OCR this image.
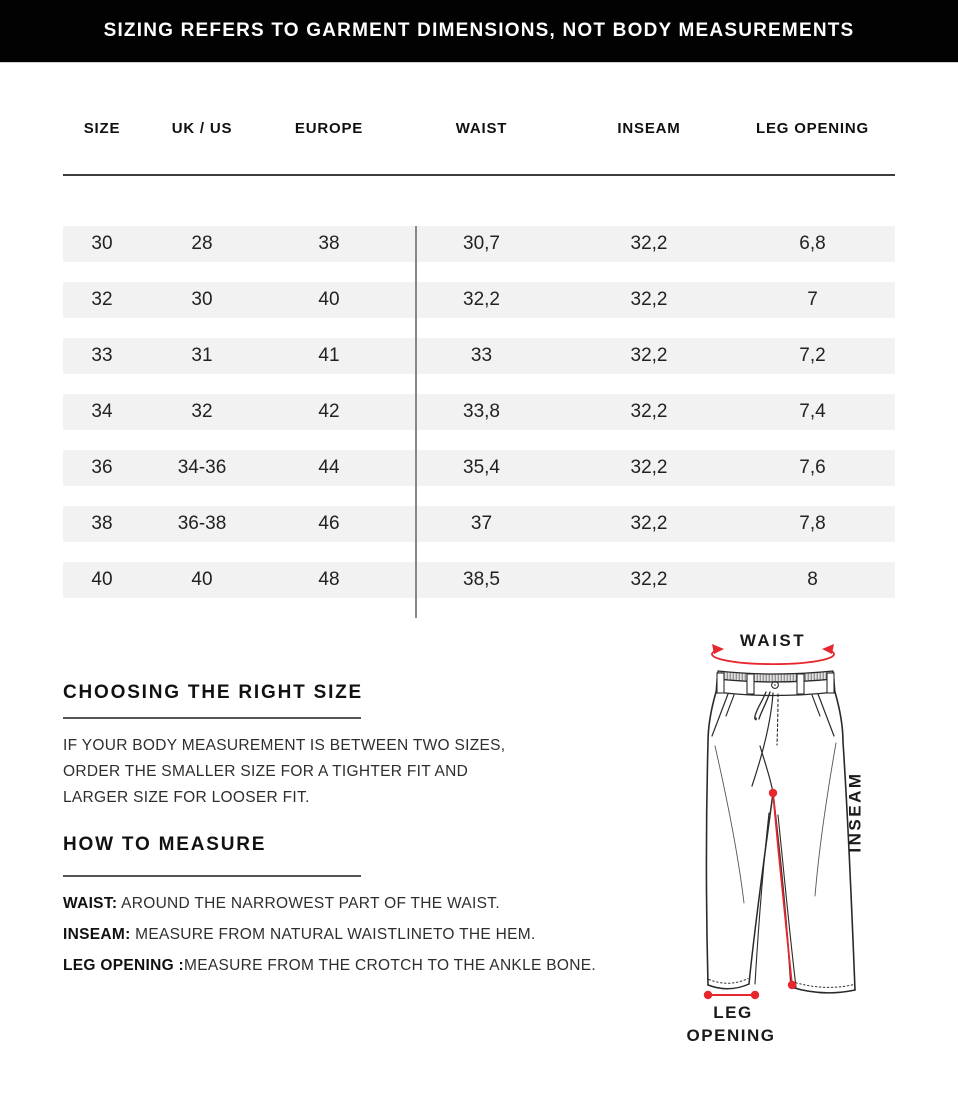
SIZING REFERS TO GARMENT DIMENSIONS, NOT BODY MEASUREMENTS
SIZE	UK / US	EUROPE	WAIST	INSEAM	LEG OPENING
30	28	38	30,7	32,2	6,8
32	30	40	32,2	32,2	7
33	31	41	33	32,2	7,2
34	32	42	33,8	32,2	7,4
36	34-36	44	35,4	32,2	7,6
38	36-38	46	37	32,2	7,8
40	40	48	38,5	32,2	8
CHOOSING THE RIGHT SIZE
IF YOUR BODY MEASUREMENT IS BETWEEN TWO SIZES,
ORDER THE SMALLER SIZE FOR A TIGHTER FIT AND
LARGER SIZE FOR LOOSER FIT.
HOW TO MEASURE
WAIST: AROUND THE NARROWEST PART OF THE WAIST.
INSEAM: MEASURE FROM NATURAL WAISTLINETO THE HEM.
LEG OPENING :MEASURE FROM THE CROTCH TO THE ANKLE BONE.
WAIST
INSEAM
LEG
OPENING
